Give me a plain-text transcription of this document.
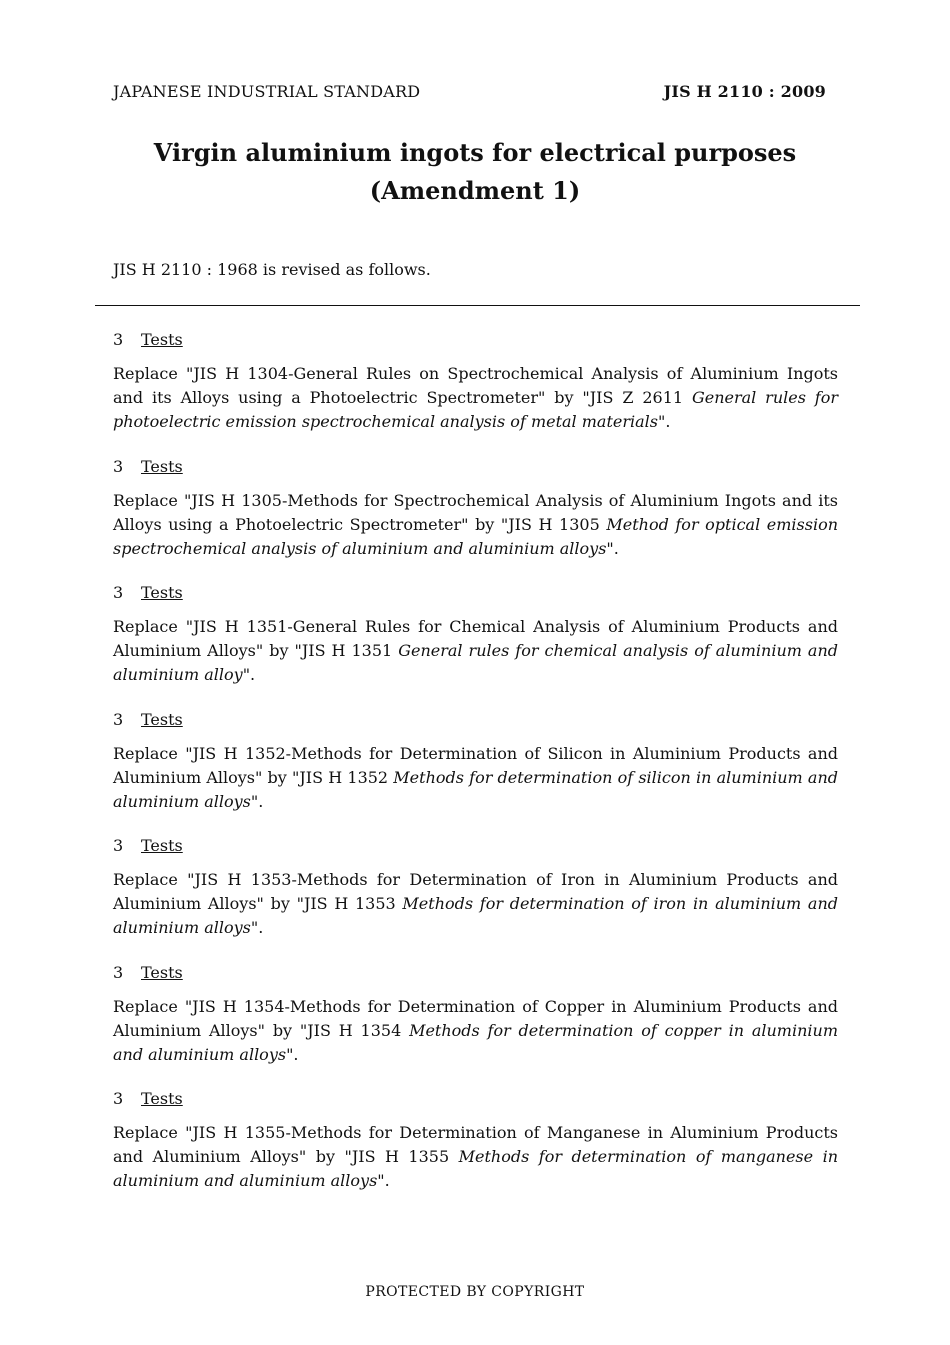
JAPANESE INDUSTRIAL STANDARD	JIS H 2110 : 2009
Virgin aluminium ingots for electrical purposes
(Amendment 1)
JIS H 2110 : 1968 is revised as follows.
3 Tests
Replace "JIS H 1304-General Rules on Spectrochemical Analysis of Aluminium Ingots and its Alloys using a Photoelectric Spectrometer" by "JIS Z 2611 General rules for photoelectric emission spectrochemical analysis of metal materials".
3 Tests
Replace "JIS H 1305-Methods for Spectrochemical Analysis of Aluminium Ingots and its Alloys using a Photoelectric Spectrometer" by "JIS H 1305 Method for optical emission spectrochemical analysis of aluminium and aluminium alloys".
3 Tests
Replace "JIS H 1351-General Rules for Chemical Analysis of Aluminium Products and Aluminium Alloys" by "JIS H 1351 General rules for chemical analysis of aluminium and aluminium alloy".
3 Tests
Replace "JIS H 1352-Methods for Determination of Silicon in Aluminium Products and Aluminium Alloys" by "JIS H 1352 Methods for determination of silicon in aluminium and aluminium alloys".
3 Tests
Replace "JIS H 1353-Methods for Determination of Iron in Aluminium Products and Aluminium Alloys" by "JIS H 1353 Methods for determination of iron in aluminium and aluminium alloys".
3 Tests
Replace "JIS H 1354-Methods for Determination of Copper in Aluminium Products and Aluminium Alloys" by "JIS H 1354 Methods for determination of copper in aluminium and aluminium alloys".
3 Tests
Replace "JIS H 1355-Methods for Determination of Manganese in Aluminium Products and Aluminium Alloys" by "JIS H 1355 Methods for determination of manganese in aluminium and aluminium alloys".
PROTECTED BY COPYRIGHT
